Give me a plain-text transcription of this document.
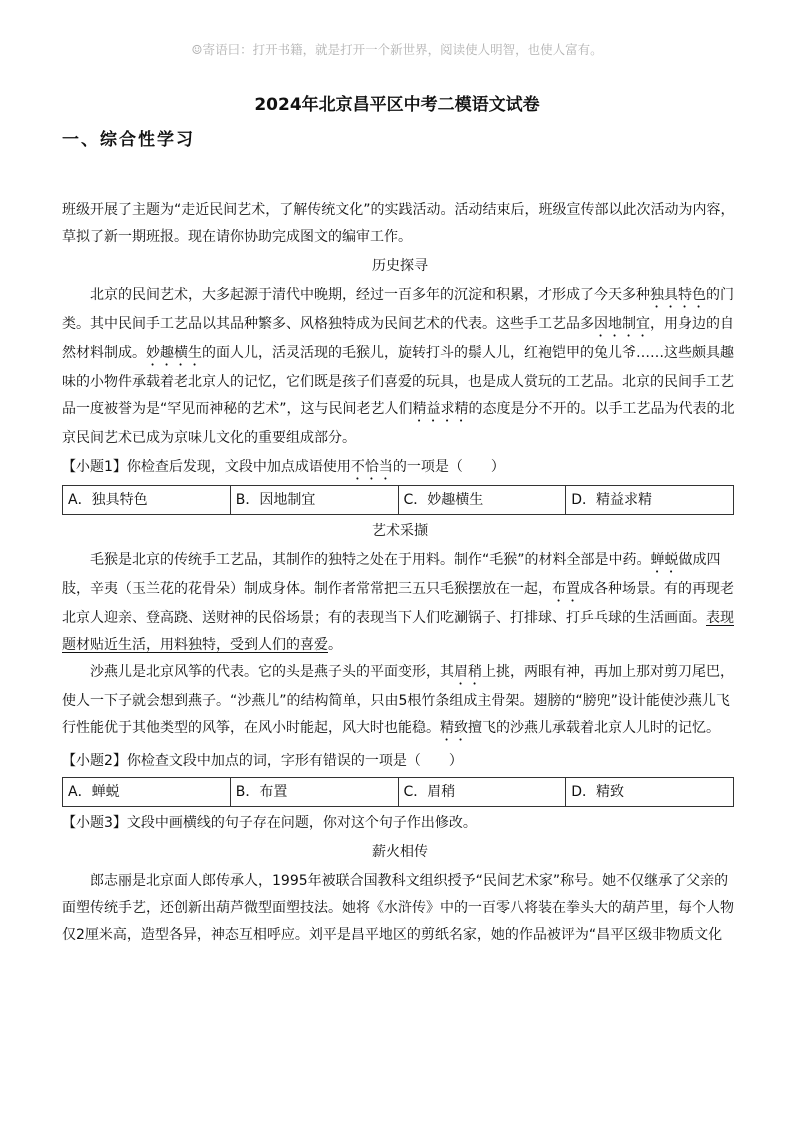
☺寄语曰：打开书籍，就是打开一个新世界，阅读使人明智，也使人富有。
2024年北京昌平区中考二模语文试卷
一、综合性学习

班级开展了主题为“走近民间艺术，了解传统文化”的实践活动。活动结束后，班级宣传部以此次活动为内容，草拟了新一期班报。现在请你协助完成图文的编审工作。

历史探寻

北京的民间艺术，大多起源于清代中晚期，经过一百多年的沉淀和积累，才形成了今天多种独具特色的门类。其中民间手工艺品以其品种繁多、风格独特成为民间艺术的代表。这些手工艺品多因地制宜，用身边的自然材料制成。妙趣横生的面人儿，活灵活现的毛猴儿，旋转打斗的鬃人儿，红袍铠甲的兔儿爷……这些颇具趣味的小物件承载着老北京人的记忆，它们既是孩子们喜爱的玩具，也是成人赏玩的工艺品。北京的民间手工艺品一度被誉为是“罕见而神秘的艺术”，这与民间老艺人们精益求精的态度是分不开的。以手工艺品为代表的北京民间艺术已成为京味儿文化的重要组成部分。

【小题1】你检查后发现，文段中加点成语使用不恰当的一项是（　　）

A．独具特色	B．因地制宜	C．妙趣横生	D．精益求精

艺术采撷

毛猴是北京的传统手工艺品，其制作的独特之处在于用料。制作“毛猴”的材料全部是中药。蝉蜕做成四肢，辛夷（玉兰花的花骨朵）制成身体。制作者常常把三五只毛猴摆放在一起，布置成各种场景。有的再现老北京人迎亲、登高跷、送财神的民俗场景；有的表现当下人们吃涮锅子、打排球、打乒乓球的生活画面。表现题材贴近生活，用料独特，受到人们的喜爱。

沙燕儿是北京风筝的代表。它的头是燕子头的平面变形，其眉稍上挑，两眼有神，再加上那对剪刀尾巴，使人一下子就会想到燕子。“沙燕儿”的结构简单，只由5根竹条组成主骨架。翅膀的“膀兜”设计能使沙燕儿飞行性能优于其他类型的风筝，在风小时能起，风大时也能稳。精致擅飞的沙燕儿承载着北京人儿时的记忆。

【小题2】你检查文段中加点的词，字形有错误的一项是（　　）

A．蝉蜕	B．布置	C．眉稍	D．精致

【小题3】文段中画横线的句子存在问题，你对这个句子作出修改。

薪火相传

郎志丽是北京面人郎传承人，1995年被联合国教科文组织授予“民间艺术家”称号。她不仅继承了父亲的面塑传统手艺，还创新出葫芦微型面塑技法。她将《水浒传》中的一百零八将装在拳头大的葫芦里，每个人物仅2厘米高，造型各异，神态互相呼应。刘平是昌平地区的剪纸名家，她的作品被评为“昌平区级非物质文化
